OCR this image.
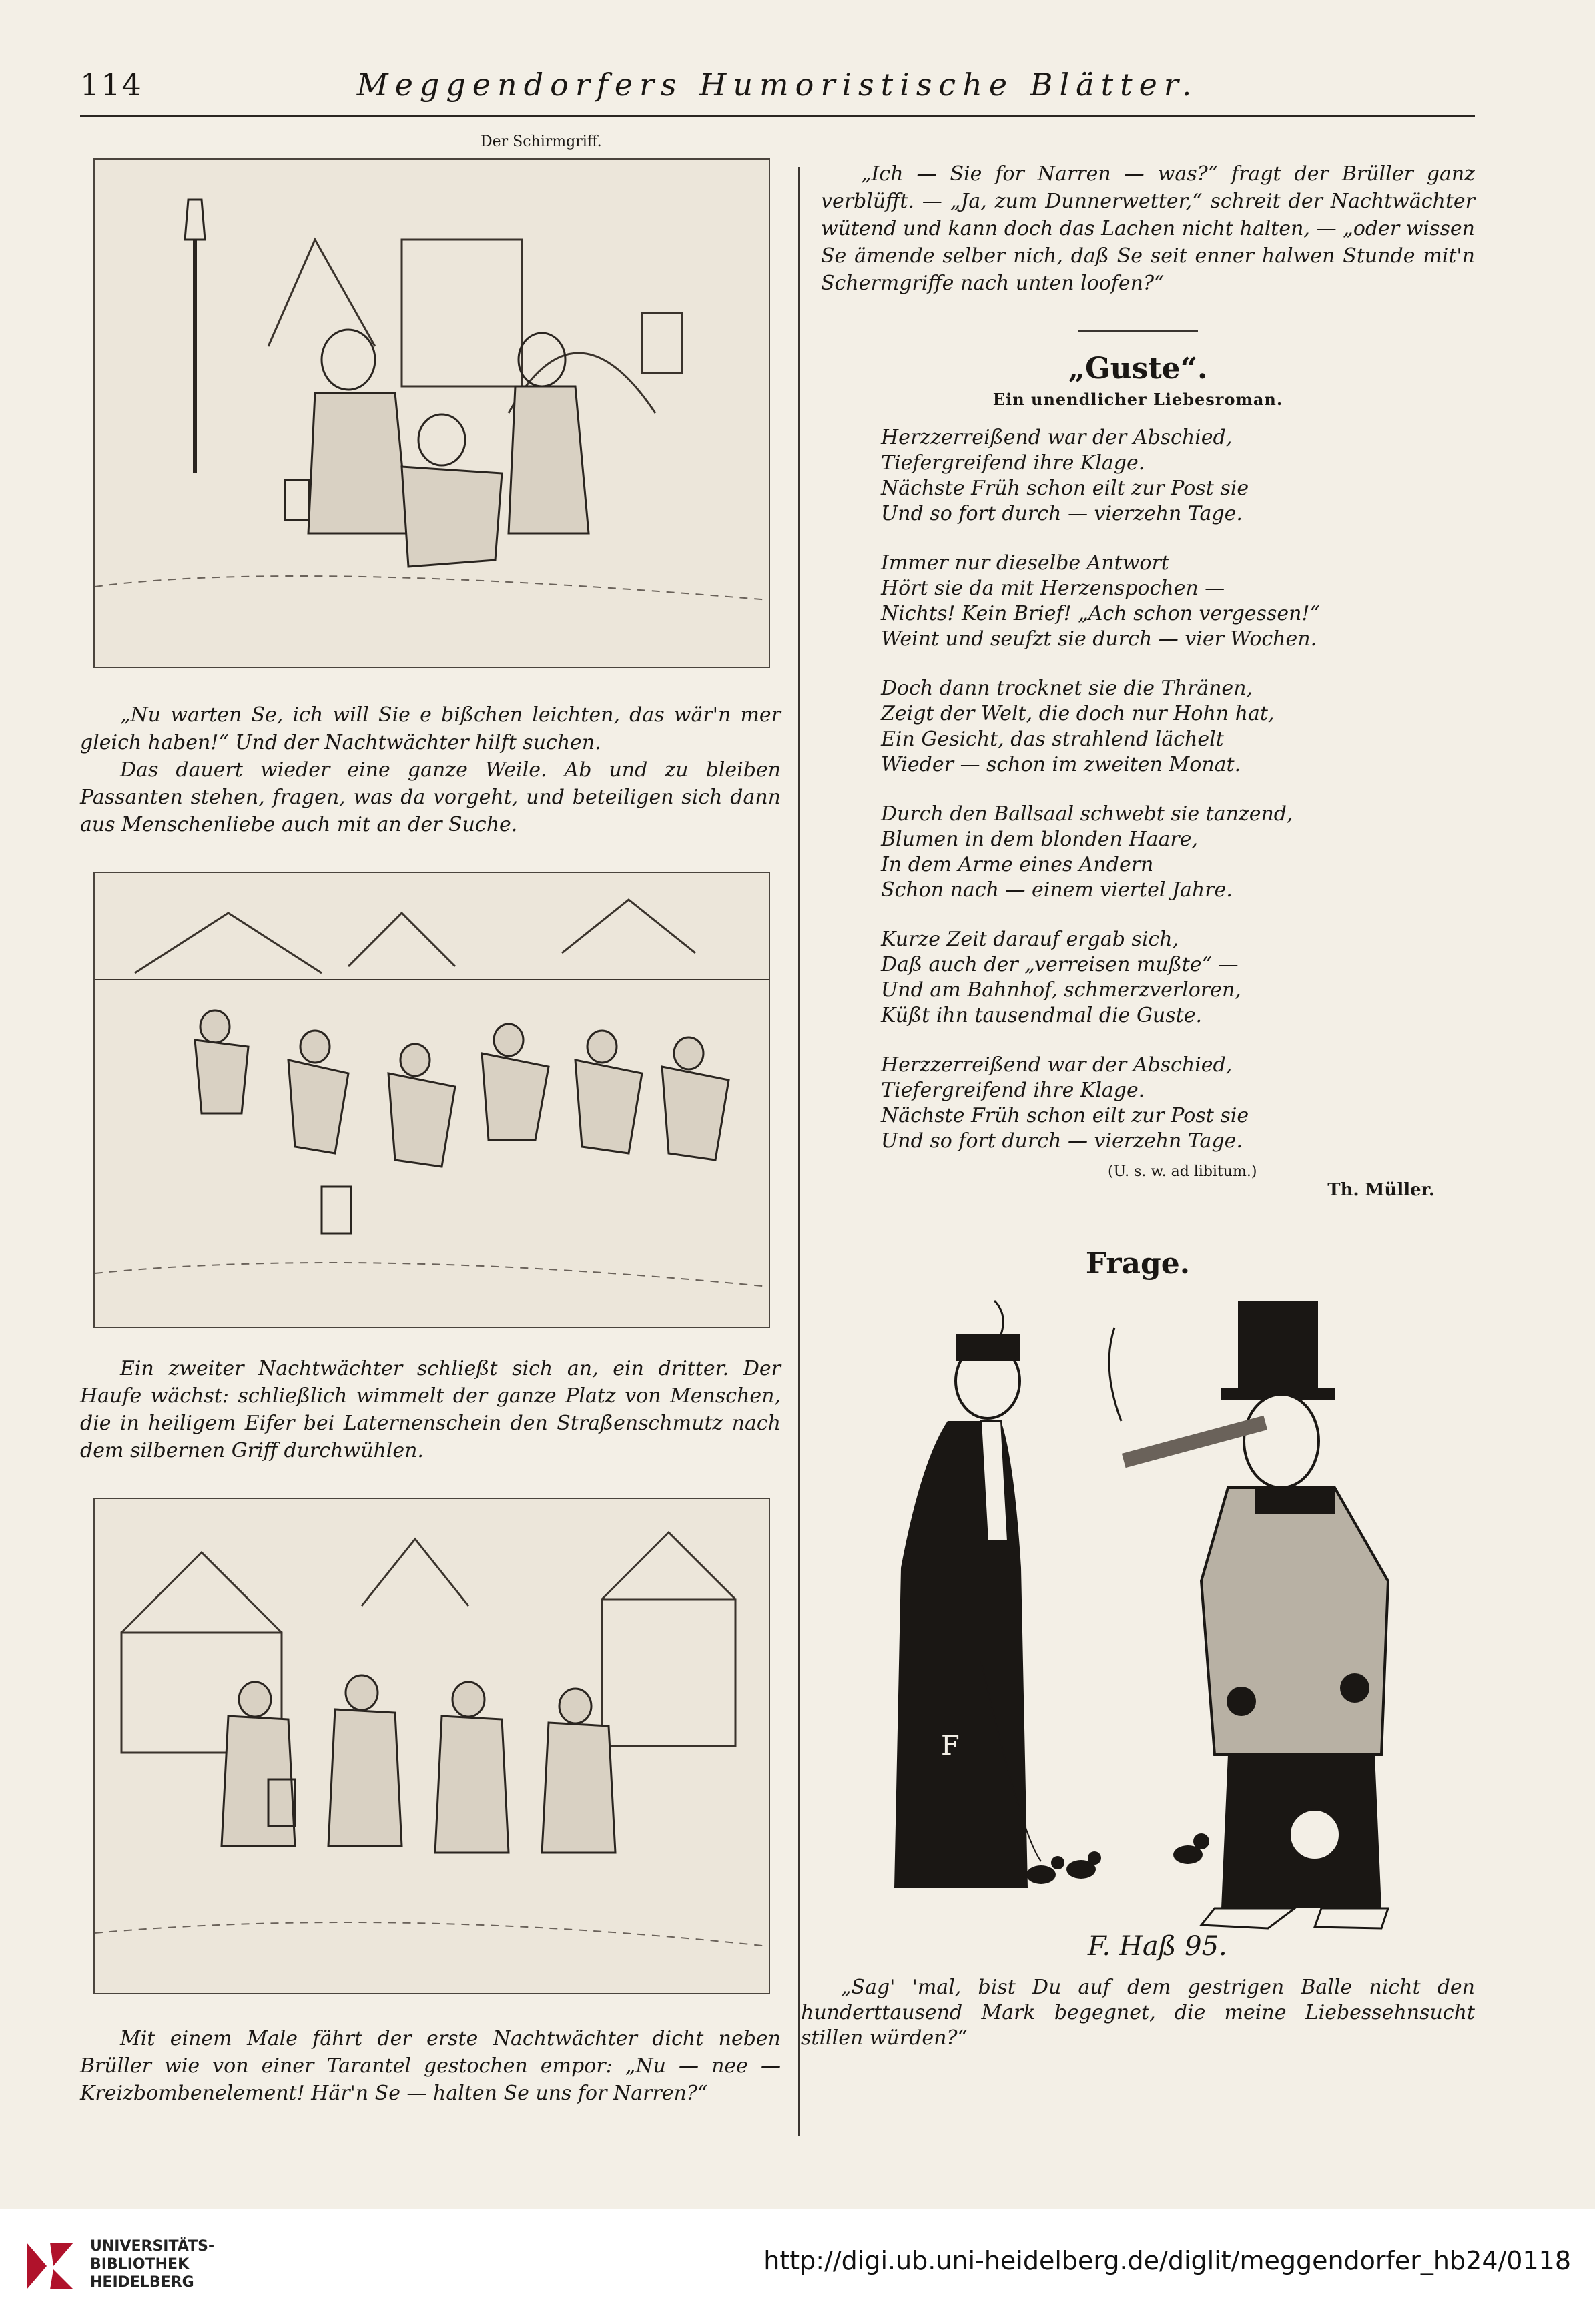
114	Meggendorfers Humoristische Blätter.
Der Schirmgriff.

„Nu warten Se, ich will Sie e bißchen leichten, das wär'n mer gleich haben!“ Und der Nachtwächter hilft suchen.

Das dauert wieder eine ganze Weile. Ab und zu bleiben Passanten stehen, fragen, was da vorgeht, und beteiligen sich dann aus Menschenliebe auch mit an der Suche.

Ein zweiter Nachtwächter schließt sich an, ein dritter. Der Haufe wächst: schließlich wimmelt der ganze Platz von Menschen, die in heiligem Eifer bei Laternenschein den Straßenschmutz nach dem silbernen Griff durchwühlen.

Mit einem Male fährt der erste Nachtwächter dicht neben Brüller wie von einer Tarantel gestochen empor: „Nu — nee — Kreizbombenelement! Här'n Se — halten Se uns for Narren?“

„Ich — Sie for Narren — was?“ fragt der Brüller ganz verblüfft. — „Ja, zum Dunnerwetter,“ schreit der Nachtwächter wütend und kann doch das Lachen nicht halten, — „oder wissen Se ämende selber nich, daß Se seit enner halwen Stunde mit'n Schermgriffe nach unten loofen?“

„Guste“.
Ein unendlicher Liebesroman.
Herzzerreißend war der Abschied,
Tiefergreifend ihre Klage.
Nächste Früh schon eilt zur Post sie
Und so fort durch — vierzehn Tage.
Immer nur dieselbe Antwort
Hört sie da mit Herzenspochen —
Nichts! Kein Brief! „Ach schon vergessen!“
Weint und seufzt sie durch — vier Wochen.
Doch dann trocknet sie die Thränen,
Zeigt der Welt, die doch nur Hohn hat,
Ein Gesicht, das strahlend lächelt
Wieder — schon im zweiten Monat.
Durch den Ballsaal schwebt sie tanzend,
Blumen in dem blonden Haare,
In dem Arme eines Andern
Schon nach — einem viertel Jahre.
Kurze Zeit darauf ergab sich,
Daß auch der „verreisen mußte“ —
Und am Bahnhof, schmerzverloren,
Küßt ihn tausendmal die Guste.
Herzzerreißend war der Abschied,
Tiefergreifend ihre Klage.
Nächste Früh schon eilt zur Post sie
Und so fort durch — vierzehn Tage.
(U. s. w. ad libitum.)
Th. Müller.
Frage.
F
F. Haß 95.

„Sag' 'mal, bist Du auf dem gestrigen Balle nicht den hunderttausend Mark begegnet, die meine Liebessehnsucht stillen würden?“

UNIVERSITÄTS-
BIBLIOTHEK
HEIDELBERG
http://digi.ub.uni-heidelberg.de/diglit/meggendorfer_hb24/0118
